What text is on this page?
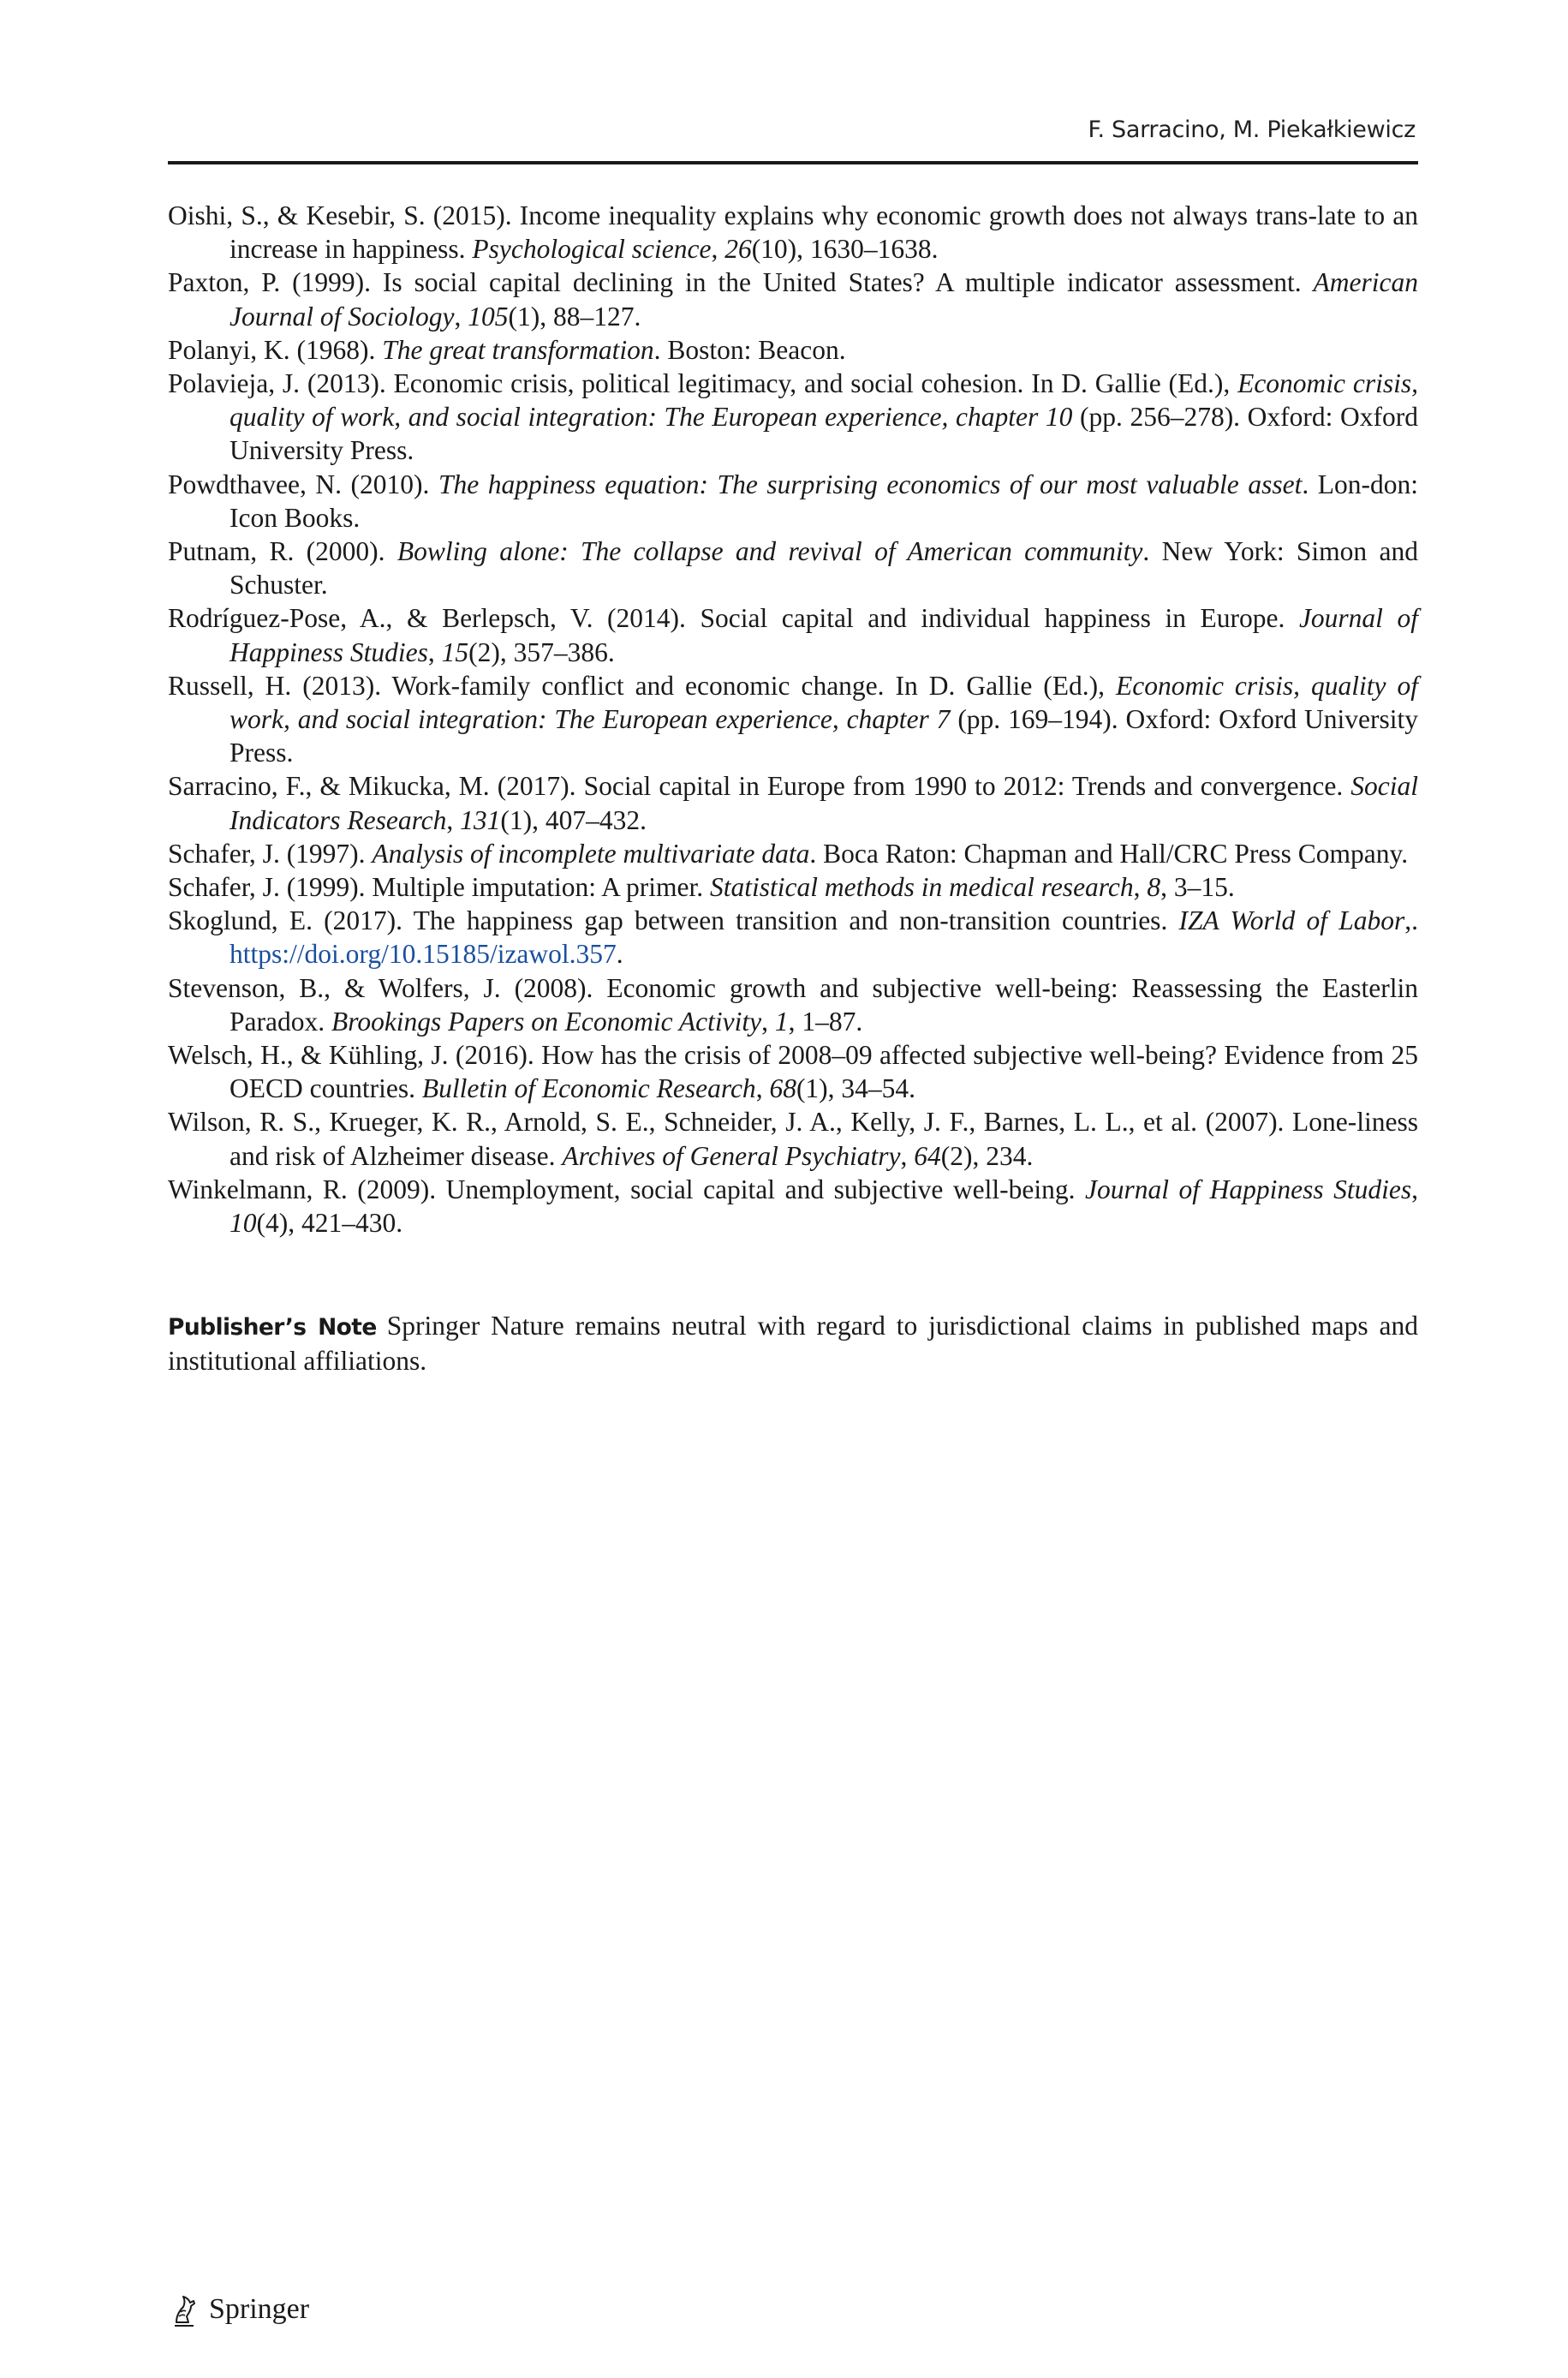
F. Sarracino, M. Piekałkiewicz

Oishi, S., & Kesebir, S. (2015). Income inequality explains why economic growth does not always trans-late to an increase in happiness. Psychological science, 26(10), 1630–1638.

Paxton, P. (1999). Is social capital declining in the United States? A multiple indicator assessment. American Journal of Sociology, 105(1), 88–127.

Polanyi, K. (1968). The great transformation. Boston: Beacon.

Polavieja, J. (2013). Economic crisis, political legitimacy, and social cohesion. In D. Gallie (Ed.), Economic crisis, quality of work, and social integration: The European experience, chapter 10 (pp. 256–278). Oxford: Oxford University Press.

Powdthavee, N. (2010). The happiness equation: The surprising economics of our most valuable asset. Lon-don: Icon Books.

Putnam, R. (2000). Bowling alone: The collapse and revival of American community. New York: Simon and Schuster.

Rodríguez-Pose, A., & Berlepsch, V. (2014). Social capital and individual happiness in Europe. Journal of Happiness Studies, 15(2), 357–386.

Russell, H. (2013). Work-family conflict and economic change. In D. Gallie (Ed.), Economic crisis, quality of work, and social integration: The European experience, chapter 7 (pp. 169–194). Oxford: Oxford University Press.

Sarracino, F., & Mikucka, M. (2017). Social capital in Europe from 1990 to 2012: Trends and convergence. Social Indicators Research, 131(1), 407–432.

Schafer, J. (1997). Analysis of incomplete multivariate data. Boca Raton: Chapman and Hall/CRC Press Company.

Schafer, J. (1999). Multiple imputation: A primer. Statistical methods in medical research, 8, 3–15.

Skoglund, E. (2017). The happiness gap between transition and non-transition countries. IZA World of Labor,. https://doi.org/10.15185/izawol.357.

Stevenson, B., & Wolfers, J. (2008). Economic growth and subjective well-being: Reassessing the Easterlin Paradox. Brookings Papers on Economic Activity, 1, 1–87.

Welsch, H., & Kühling, J. (2016). How has the crisis of 2008–09 affected subjective well-being? Evidence from 25 OECD countries. Bulletin of Economic Research, 68(1), 34–54.

Wilson, R. S., Krueger, K. R., Arnold, S. E., Schneider, J. A., Kelly, J. F., Barnes, L. L., et al. (2007). Lone-liness and risk of Alzheimer disease. Archives of General Psychiatry, 64(2), 234.

Winkelmann, R. (2009). Unemployment, social capital and subjective well-being. Journal of Happiness Studies, 10(4), 421–430.

Publisher’s Note Springer Nature remains neutral with regard to jurisdictional claims in published maps and institutional affiliations.
Springer
